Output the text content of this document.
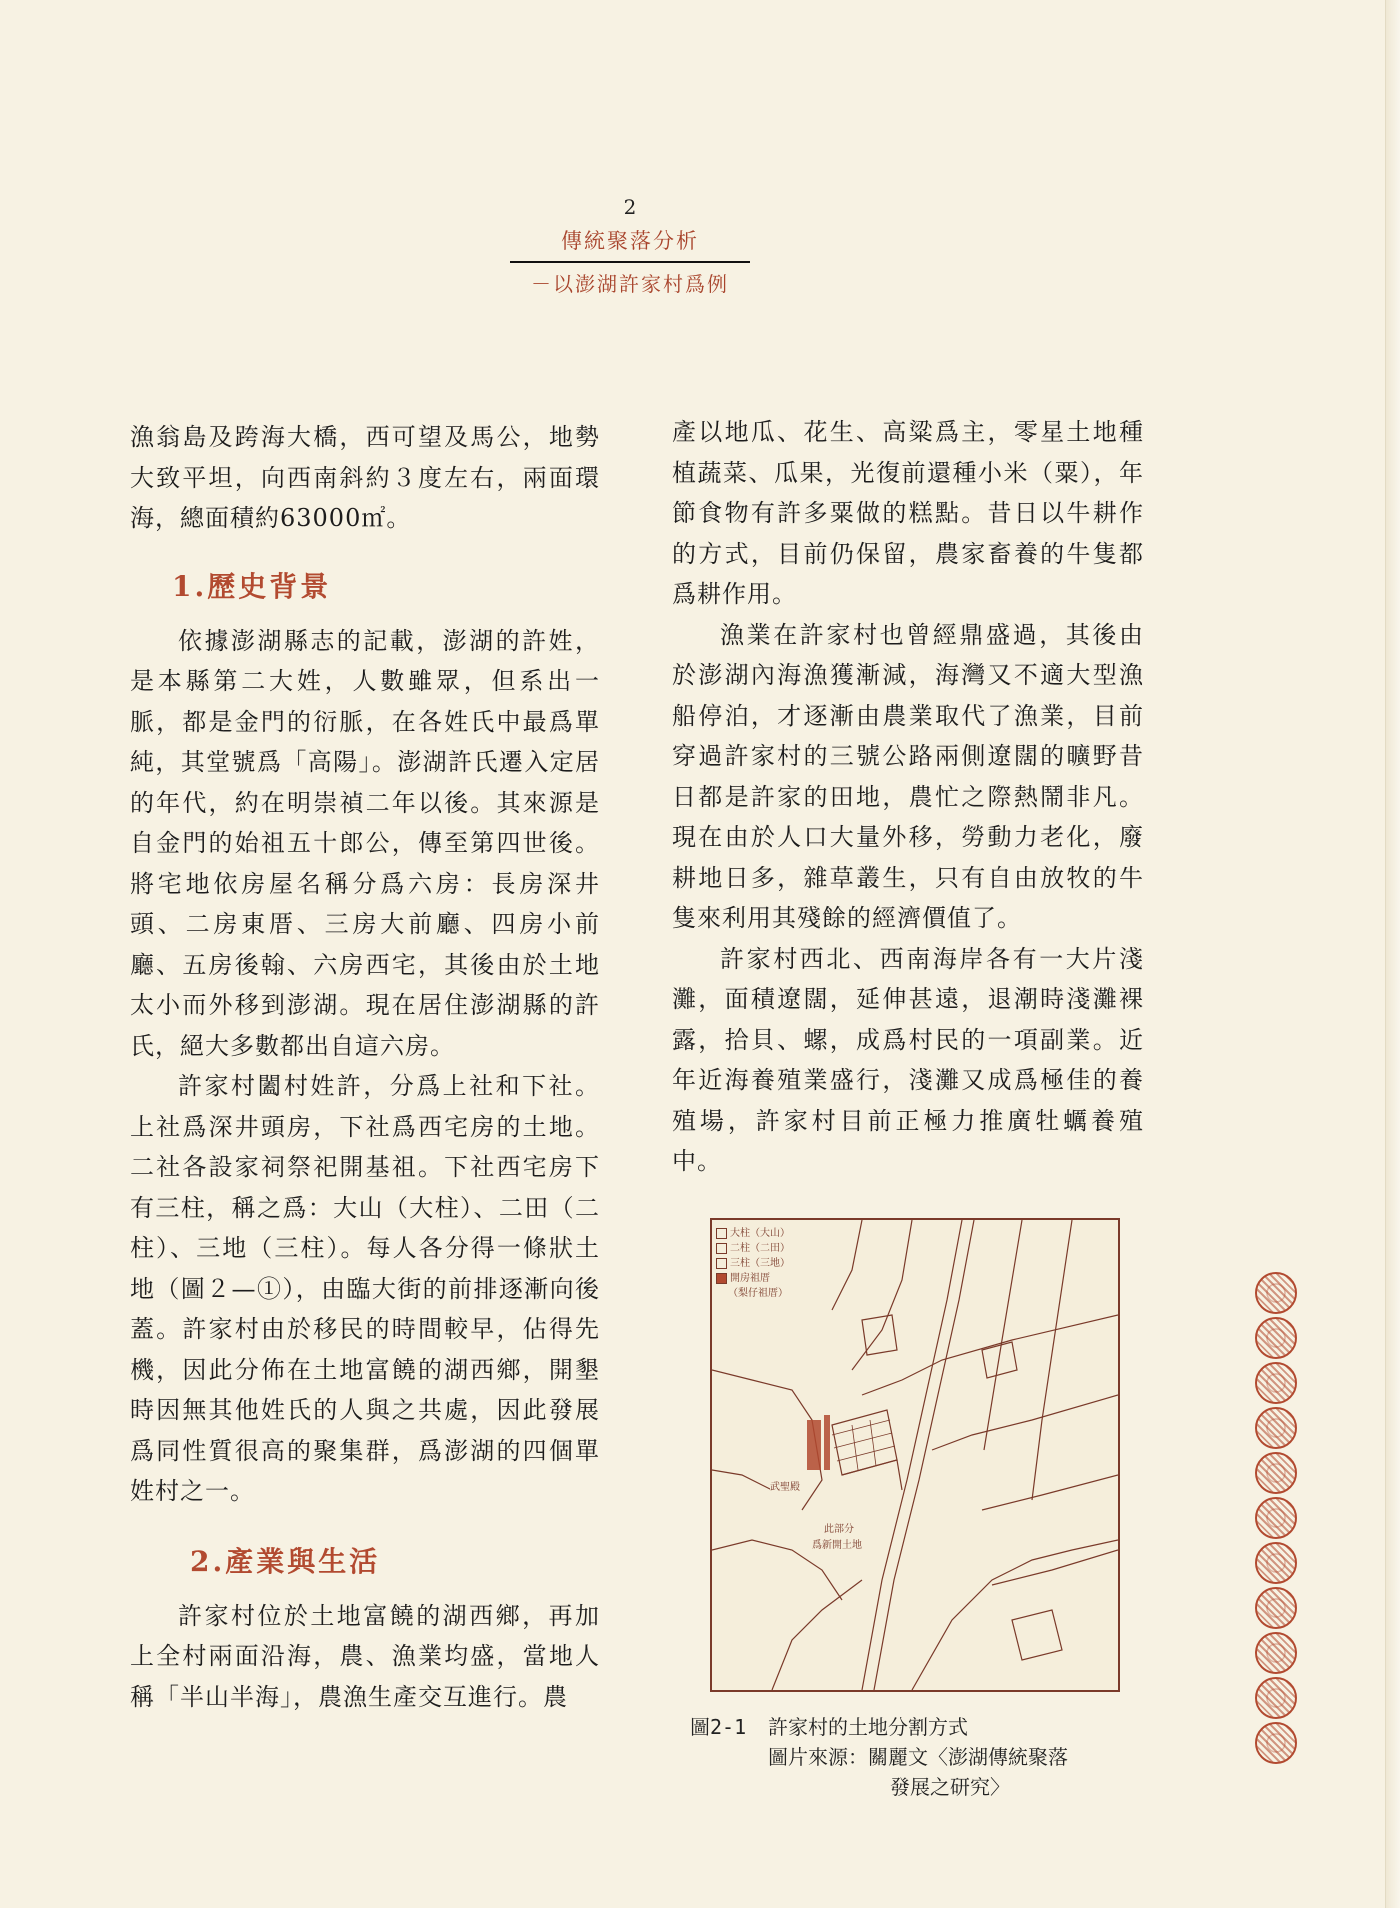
2
傳統聚落分析
－以澎湖許家村爲例

漁翁島及跨海大橋，西可望及馬公，地勢大致平坦，向西南斜約３度左右，兩面環海，總面積約63000㎡。

1.歷史背景

依據澎湖縣志的記載，澎湖的許姓，是本縣第二大姓，人數雖眾，但系出一脈，都是金門的衍脈，在各姓氏中最爲單純，其堂號爲「高陽」。澎湖許氏遷入定居的年代，約在明崇禎二年以後。其來源是自金門的始祖五十郎公，傳至第四世後。將宅地依房屋名稱分爲六房：長房深井頭、二房東厝、三房大前廳、四房小前廳、五房後翰、六房西宅，其後由於土地太小而外移到澎湖。現在居住澎湖縣的許氏，絕大多數都出自這六房。

許家村闔村姓許，分爲上社和下社。上社爲深井頭房，下社爲西宅房的土地。二社各設家祠祭祀開基祖。下社西宅房下有三柱，稱之爲：大山（大柱）、二田（二柱）、三地（三柱）。每人各分得一條狀土地（圖２—①），由臨大街的前排逐漸向後蓋。許家村由於移民的時間較早，佔得先機，因此分佈在土地富饒的湖西鄉，開墾時因無其他姓氏的人與之共處，因此發展爲同性質很高的聚集群，爲澎湖的四個單姓村之一。

2.產業與生活

許家村位於土地富饒的湖西鄉，再加上全村兩面沿海，農、漁業均盛，當地人稱「半山半海」，農漁生產交互進行。農

產以地瓜、花生、高粱爲主，零星土地種植蔬菜、瓜果，光復前還種小米（粟），年節食物有許多粟做的糕點。昔日以牛耕作的方式，目前仍保留，農家畜養的牛隻都爲耕作用。

漁業在許家村也曾經鼎盛過，其後由於澎湖內海漁獲漸減，海灣又不適大型漁船停泊，才逐漸由農業取代了漁業，目前穿過許家村的三號公路兩側遼闊的曠野昔日都是許家的田地，農忙之際熱鬧非凡。現在由於人口大量外移，勞動力老化，廢耕地日多，雜草叢生，只有自由放牧的牛隻來利用其殘餘的經濟價值了。

許家村西北、西南海岸各有一大片淺灘，面積遼闊，延伸甚遠，退潮時淺灘裸露，拾貝、螺，成爲村民的一項副業。近年近海養殖業盛行，淺灘又成爲極佳的養殖場，許家村目前正極力推廣牡蠣養殖中。

大柱（大山）
二柱（二田）
三柱（三地）
開房祖厝
（梨仔祖厝）
武聖殿
此部分
爲新開土地
圖2-1	許家村的土地分割方式
圖片來源：關麗文〈澎湖傳統聚落
發展之研究〉
